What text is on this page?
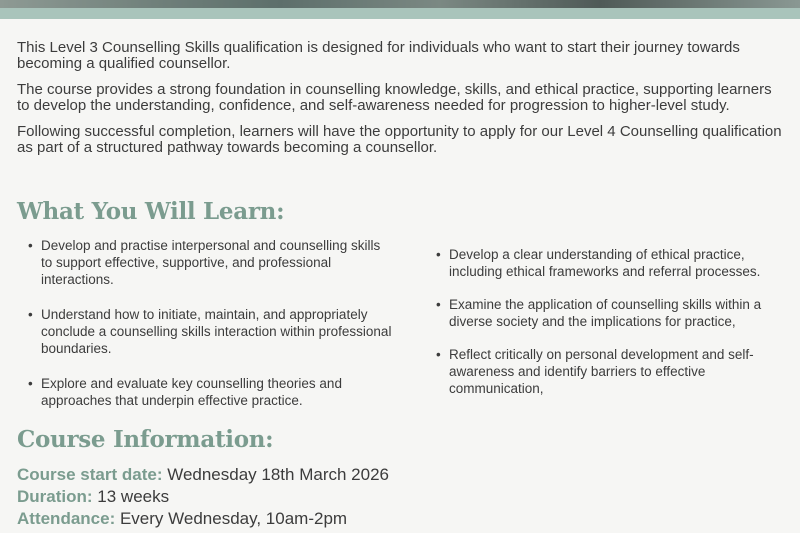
This Level 3 Counselling Skills qualification is designed for individuals who want to start their journey towards becoming a qualified counsellor.

The course provides a strong foundation in counselling knowledge, skills, and ethical practice, supporting learners to develop the understanding, confidence, and self-awareness needed for progression to higher-level study.

Following successful completion, learners will have the opportunity to apply for our Level 4 Counselling qualification as part of a structured pathway towards becoming a counsellor.

What You Will Learn:
• Develop and practise interpersonal and counselling skills to support effective, supportive, and professional interactions.
• Understand how to initiate, maintain, and appropriately conclude a counselling skills interaction within professional boundaries.
• Explore and evaluate key counselling theories and approaches that underpin effective practice.
• Develop a clear understanding of ethical practice, including ethical frameworks and referral processes.
• Examine the application of counselling skills within a diverse society and the implications for practice,
• Reflect critically on personal development and self-awareness and identify barriers to effective communication,
Course Information:
Course start date: Wednesday 18th March 2026
Duration: 13 weeks
Attendance: Every Wednesday, 10am-2pm
